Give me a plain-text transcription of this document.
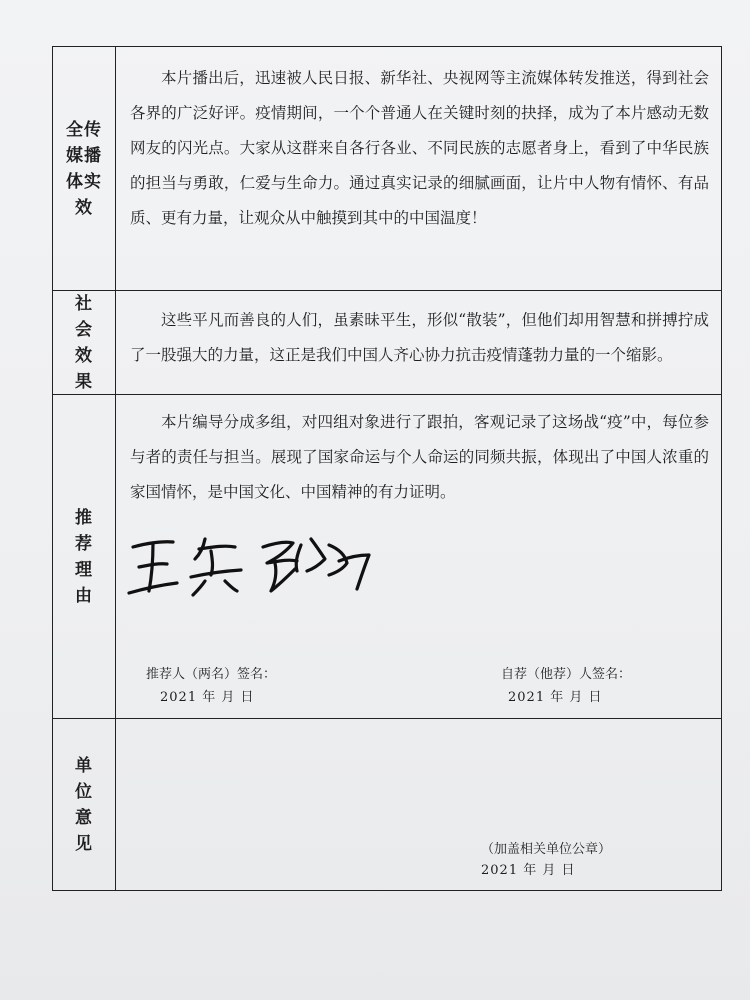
全传媒播体实效

本片播出后，迅速被人民日报、新华社、央视网等主流媒体转发推送，得到社会各界的广泛好评。疫情期间，一个个普通人在关键时刻的抉择，成为了本片感动无数网友的闪光点。大家从这群来自各行各业、不同民族的志愿者身上，看到了中华民族的担当与勇敢，仁爱与生命力。通过真实记录的细腻画面，让片中人物有情怀、有品质、更有力量，让观众从中触摸到其中的中国温度！

社会效果

这些平凡而善良的人们，虽素昧平生，形似“散装”，但他们却用智慧和拼搏拧成了一股强大的力量，这正是我们中国人齐心协力抗击疫情蓬勃力量的一个缩影。

推荐理由

本片编导分成多组，对四组对象进行了跟拍，客观记录了这场战“疫”中，每位参与者的责任与担当。展现了国家命运与个人命运的同频共振，体现出了中国人浓重的家国情怀，是中国文化、中国精神的有力证明。

推荐人（两名）签名：
2021 年 月 日
自荐（他荐）人签名：
2021 年 月 日
单位意见	（加盖相关单位公章）
2021 年 月 日
